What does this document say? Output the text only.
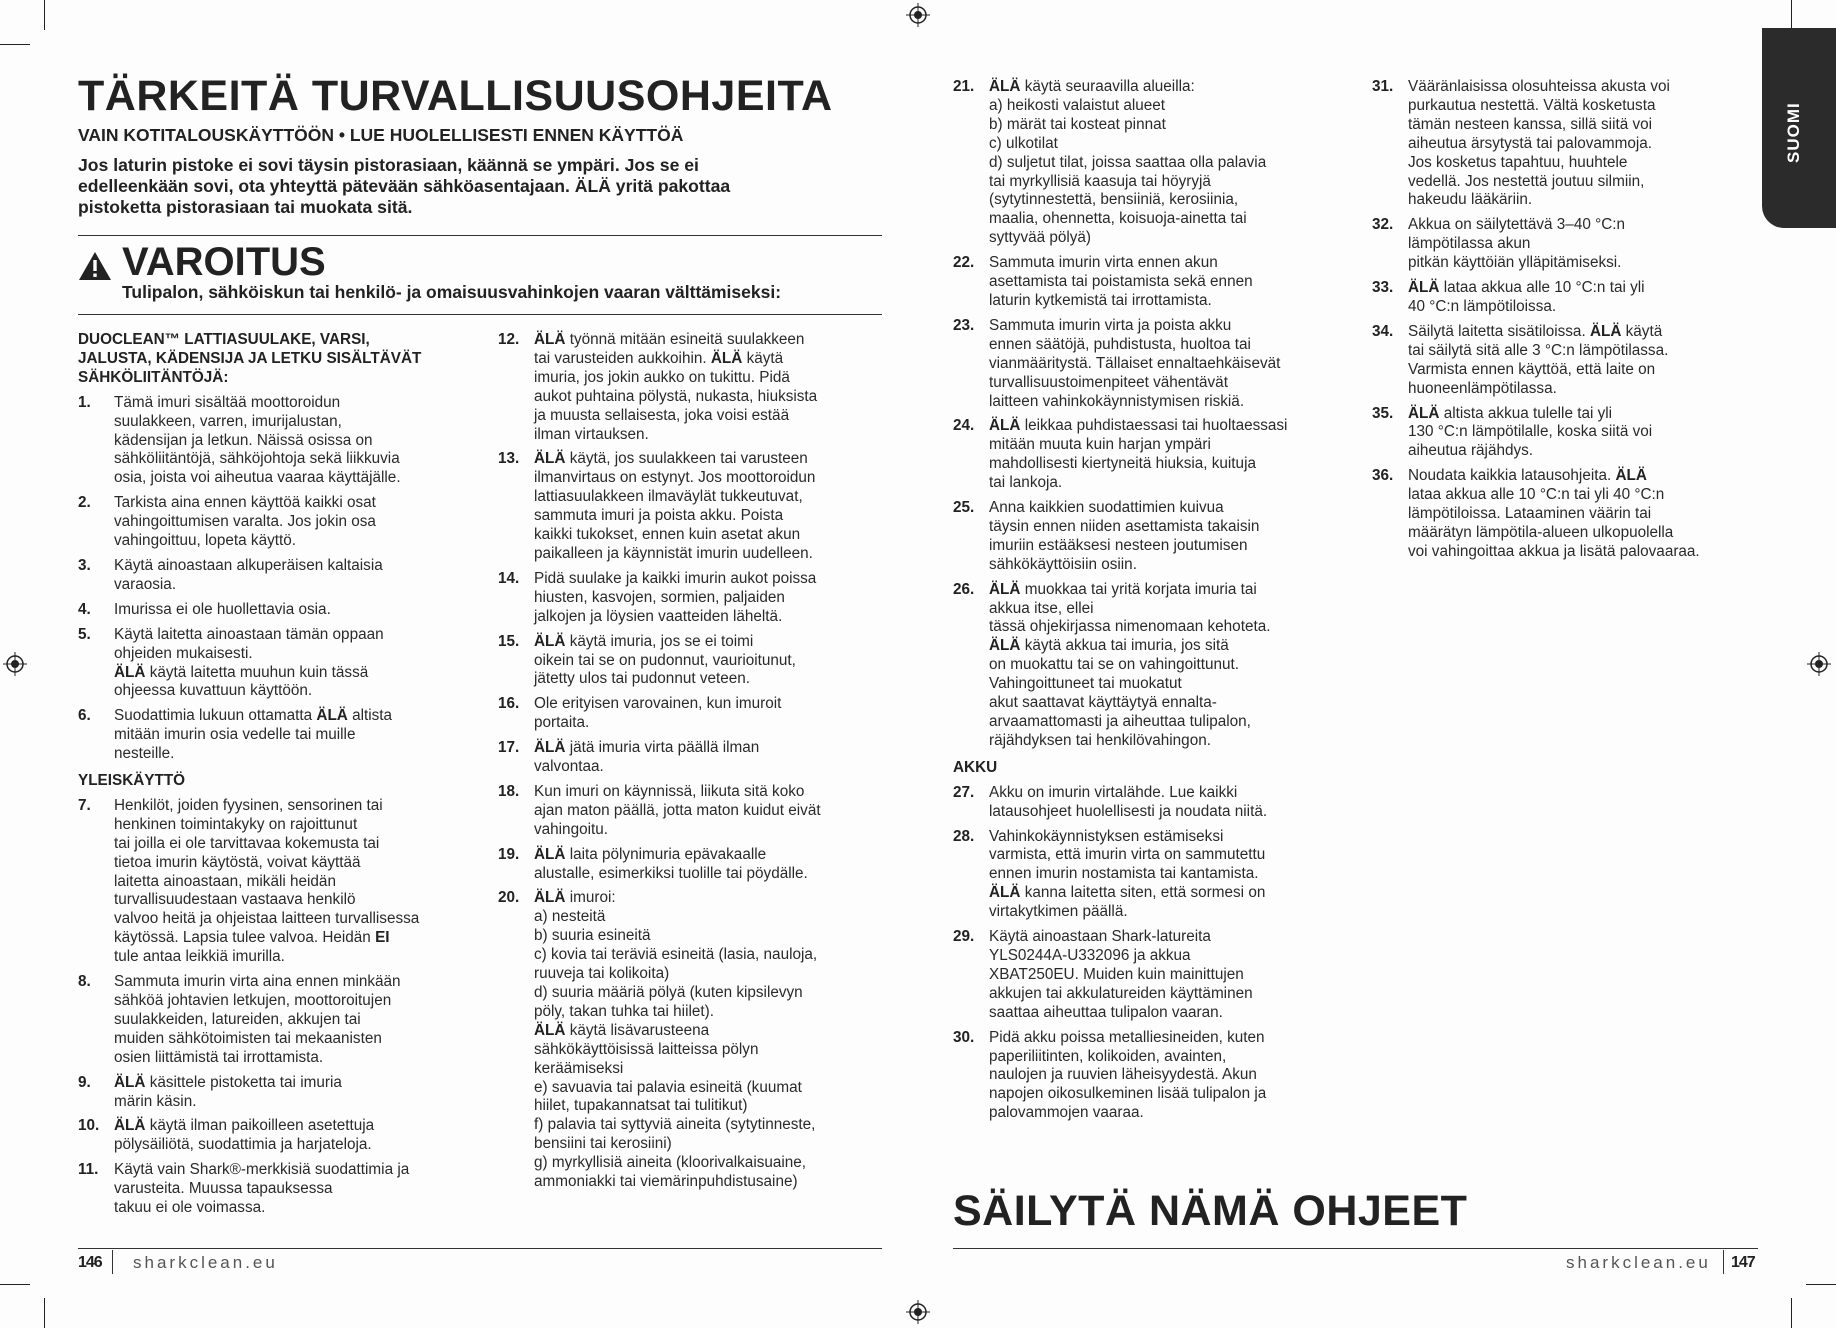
SUOMI
TÄRKEITÄ TURVALLISUUSOHJEITA
VAIN KOTITALOUSKÄYTTÖÖN • LUE HUOLELLISESTI ENNEN KÄYTTÖÄ
Jos laturin pistoke ei sovi täysin pistorasiaan, käännä se ympäri. Jos se ei
edelleenkään sovi, ota yhteyttä pätevään sähköasentajaan. ÄLÄ yritä pakottaa
pistoketta pistorasiaan tai muokata sitä.
VAROITUS
Tulipalon, sähköiskun tai henkilö- ja omaisuusvahinkojen vaaran välttämiseksi:
DUOCLEAN™ LATTIASUULAKE, VARSI,
JALUSTA, KÄDENSIJA JA LETKU SISÄLTÄVÄT
SÄHKÖLIITÄNTÖJÄ:
1. Tämä imuri sisältää moottoroidun
suulakkeen, varren, imurijalustan,
kädensijan ja letkun. Näissä osissa on
sähköliitäntöjä, sähköjohtoja sekä liikkuvia
osia, joista voi aiheutua vaaraa käyttäjälle.
2. Tarkista aina ennen käyttöä kaikki osat
vahingoittumisen varalta. Jos jokin osa
vahingoittuu, lopeta käyttö.
3. Käytä ainoastaan alkuperäisen kaltaisia
varaosia.
4. Imurissa ei ole huollettavia osia.
5. Käytä laitetta ainoastaan tämän oppaan
ohjeiden mukaisesti.
ÄLÄ käytä laitetta muuhun kuin tässä
ohjeessa kuvattuun käyttöön.
6. Suodattimia lukuun ottamatta ÄLÄ altista
mitään imurin osia vedelle tai muille
nesteille.
YLEISKÄYTTÖ
7. Henkilöt, joiden fyysinen, sensorinen tai
henkinen toimintakyky on rajoittunut
tai joilla ei ole tarvittavaa kokemusta tai
tietoa imurin käytöstä, voivat käyttää
laitetta ainoastaan, mikäli heidän
turvallisuudestaan vastaava henkilö
valvoo heitä ja ohjeistaa laitteen turvallisessa
käytössä. Lapsia tulee valvoa. Heidän EI
tule antaa leikkiä imurilla.
8. Sammuta imurin virta aina ennen minkään
sähköä johtavien letkujen, moottoroitujen
suulakkeiden, latureiden, akkujen tai
muiden sähkötoimisten tai mekaanisten
osien liittämistä tai irrottamista.
9. ÄLÄ käsittele pistoketta tai imuria
märin käsin.
10. ÄLÄ käytä ilman paikoilleen asetettuja
pölysäiliötä, suodattimia ja harjateloja.
11. Käytä vain Shark®-merkkisiä suodattimia ja
varusteita. Muussa tapauksessa
takuu ei ole voimassa.
12. ÄLÄ työnnä mitään esineitä suulakkeen
tai varusteiden aukkoihin. ÄLÄ käytä
imuria, jos jokin aukko on tukittu. Pidä
aukot puhtaina pölystä, nukasta, hiuksista
ja muusta sellaisesta, joka voisi estää
ilman virtauksen.
13. ÄLÄ käytä, jos suulakkeen tai varusteen
ilmanvirtaus on estynyt. Jos moottoroidun
lattiasuulakkeen ilmaväylät tukkeutuvat,
sammuta imuri ja poista akku. Poista
kaikki tukokset, ennen kuin asetat akun
paikalleen ja käynnistät imurin uudelleen.
14. Pidä suulake ja kaikki imurin aukot poissa
hiusten, kasvojen, sormien, paljaiden
jalkojen ja löysien vaatteiden läheltä.
15. ÄLÄ käytä imuria, jos se ei toimi
oikein tai se on pudonnut, vaurioitunut,
jätetty ulos tai pudonnut veteen.
16. Ole erityisen varovainen, kun imuroit
portaita.
17. ÄLÄ jätä imuria virta päällä ilman
valvontaa.
18. Kun imuri on käynnissä, liikuta sitä koko
ajan maton päällä, jotta maton kuidut eivät
vahingoitu.
19. ÄLÄ laita pölynimuria epävakaalle
alustalle, esimerkiksi tuolille tai pöydälle.
20. ÄLÄ imuroi:
a) nesteitä
b) suuria esineitä
c) kovia tai teräviä esineitä (lasia, nauloja,
ruuveja tai kolikoita)
d) suuria määriä pölyä (kuten kipsilevyn
pöly, takan tuhka tai hiilet).
ÄLÄ käytä lisävarusteena
sähkökäyttöisissä laitteissa pölyn
keräämiseksi
e) savuavia tai palavia esineitä (kuumat
hiilet, tupakannatsat tai tulitikut)
f) palavia tai syttyviä aineita (sytytinneste,
bensiini tai kerosiini)
g) myrkyllisiä aineita (kloorivalkaisuaine,
ammoniakki tai viemärinpuhdistusaine)
21. ÄLÄ käytä seuraavilla alueilla:
a) heikosti valaistut alueet
b) märät tai kosteat pinnat
c) ulkotilat
d) suljetut tilat, joissa saattaa olla palavia
tai myrkyllisiä kaasuja tai höyryjä
(sytytinnestettä, bensiiniä, kerosiinia,
maalia, ohennetta, koisuoja-ainetta tai
syttyvää pölyä)
22. Sammuta imurin virta ennen akun
asettamista tai poistamista sekä ennen
laturin kytkemistä tai irrottamista.
23. Sammuta imurin virta ja poista akku
ennen säätöjä, puhdistusta, huoltoa tai
vianmääritystä. Tällaiset ennaltaehkäisevät
turvallisuustoimenpiteet vähentävät
laitteen vahinkokäynnistymisen riskiä.
24. ÄLÄ leikkaa puhdistaessasi tai huoltaessasi
mitään muuta kuin harjan ympäri
mahdollisesti kiertyneitä hiuksia, kuituja
tai lankoja.
25. Anna kaikkien suodattimien kuivua
täysin ennen niiden asettamista takaisin
imuriin estääksesi nesteen joutumisen
sähkökäyttöisiin osiin.
26. ÄLÄ muokkaa tai yritä korjata imuria tai
akkua itse, ellei
tässä ohjekirjassa nimenomaan kehoteta.
ÄLÄ käytä akkua tai imuria, jos sitä
on muokattu tai se on vahingoittunut.
Vahingoittuneet tai muokatut
akut saattavat käyttäytyä ennalta-
arvaamattomasti ja aiheuttaa tulipalon,
räjähdyksen tai henkilövahingon.
AKKU
27. Akku on imurin virtalähde. Lue kaikki
latausohjeet huolellisesti ja noudata niitä.
28. Vahinkokäynnistyksen estämiseksi
varmista, että imurin virta on sammutettu
ennen imurin nostamista tai kantamista.
ÄLÄ kanna laitetta siten, että sormesi on
virtakytkimen päällä.
29. Käytä ainoastaan Shark-latureita
YLS0244A-U332096 ja akkua
XBAT250EU. Muiden kuin mainittujen
akkujen tai akkulatureiden käyttäminen
saattaa aiheuttaa tulipalon vaaran.
30. Pidä akku poissa metalliesineiden, kuten
paperiliitinten, kolikoiden, avainten,
naulojen ja ruuvien läheisyydestä. Akun
napojen oikosulkeminen lisää tulipalon ja
palovammojen vaaraa.
31. Vääränlaisissa olosuhteissa akusta voi
purkautua nestettä. Vältä kosketusta
tämän nesteen kanssa, sillä siitä voi
aiheutua ärsytystä tai palovammoja.
Jos kosketus tapahtuu, huuhtele
vedellä. Jos nestettä joutuu silmiin,
hakeudu lääkäriin.
32. Akkua on säilytettävä 3–40 °C:n
lämpötilassa akun
pitkän käyttöiän ylläpitämiseksi.
33. ÄLÄ lataa akkua alle 10 °C:n tai yli
40 °C:n lämpötiloissa.
34. Säilytä laitetta sisätiloissa. ÄLÄ käytä
tai säilytä sitä alle 3 °C:n lämpötilassa.
Varmista ennen käyttöä, että laite on
huoneenlämpötilassa.
35. ÄLÄ altista akkua tulelle tai yli
130 °C:n lämpötilalle, koska siitä voi
aiheutua räjähdys.
36. Noudata kaikkia latausohjeita. ÄLÄ
lataa akkua alle 10 °C:n tai yli 40 °C:n
lämpötiloissa. Lataaminen väärin tai
määrätyn lämpötila-alueen ulkopuolella
voi vahingoittaa akkua ja lisätä palovaaraa.
SÄILYTÄ NÄMÄ OHJEET
146 sharkclean.eu	sharkclean.eu 147
